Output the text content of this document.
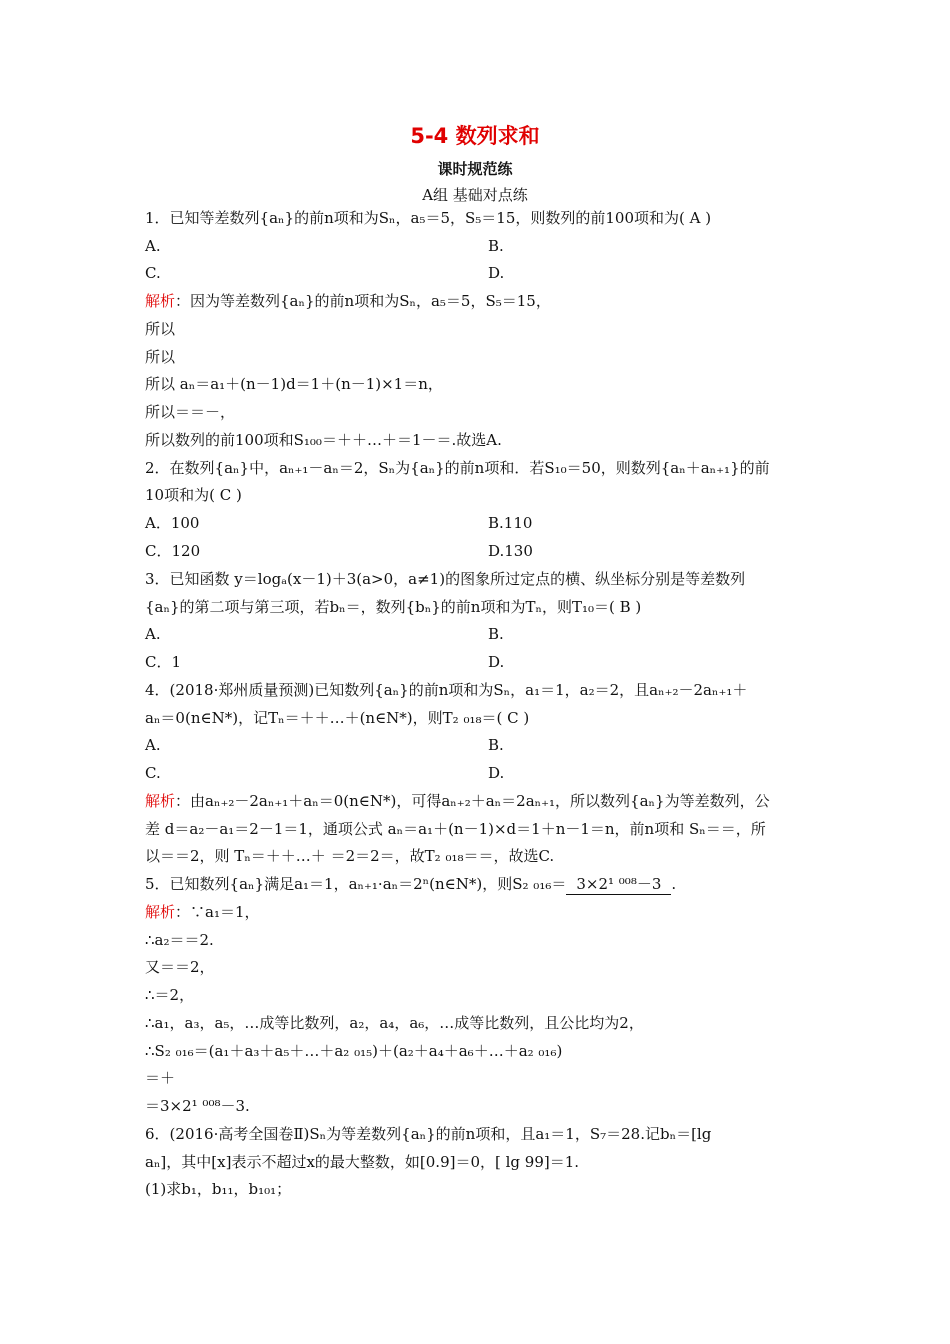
5-4 数列求和
课时规范练
A组 基础对点练
1．已知等差数列{aₙ}的前n项和为Sₙ，a₅＝5，S₅＝15，则数列的前100项和为( A )
A.	B.
C.	D.
解析：因为等差数列{aₙ}的前n项和为Sₙ，a₅＝5，S₅＝15，
所以
所以
所以 aₙ＝a₁＋(n－1)d＝1＋(n－1)×1＝n，
所以＝＝－，
所以数列的前100项和S₁₀₀＝＋＋…＋＝1－＝.故选A.
2．在数列{aₙ}中，aₙ₊₁－aₙ＝2，Sₙ为{aₙ}的前n项和．若S₁₀＝50，则数列{aₙ＋aₙ₊₁}的前
10项和为( C )
A．100	B.110
C．120	D.130
3．已知函数 y＝logₐ(x－1)＋3(a>0，a≠1)的图象所过定点的横、纵坐标分别是等差数列
{aₙ}的第二项与第三项，若bₙ＝，数列{bₙ}的前n项和为Tₙ，则T₁₀＝( B )
A.	B.
C．1	D.
4．(2018·郑州质量预测)已知数列{aₙ}的前n项和为Sₙ，a₁＝1，a₂＝2，且aₙ₊₂－2aₙ₊₁＋
aₙ＝0(n∈N*)，记Tₙ＝＋＋…＋(n∈N*)，则T₂ ₀₁₈＝( C )
A.	B.
C.	D.
解析：由aₙ₊₂－2aₙ₊₁＋aₙ＝0(n∈N*)，可得aₙ₊₂＋aₙ＝2aₙ₊₁，所以数列{aₙ}为等差数列，公
差 d＝a₂－a₁＝2－1＝1，通项公式 aₙ＝a₁＋(n－1)×d＝1＋n－1＝n，前n项和 Sₙ＝＝，所
以＝＝2，则 Tₙ＝＋＋…＋ ＝2＝2＝，故T₂ ₀₁₈＝＝，故选C.
5．已知数列{aₙ}满足a₁＝1，aₙ₊₁·aₙ＝2ⁿ(n∈N*)，则S₂ ₀₁₆＝ 3×2¹ ⁰⁰⁸－3 .
解析：∵a₁＝1，
∴a₂＝＝2.
又＝＝2，
∴＝2，
∴a₁，a₃，a₅，…成等比数列，a₂，a₄，a₆，…成等比数列，且公比均为2，
∴S₂ ₀₁₆＝(a₁＋a₃＋a₅＋…＋a₂ ₀₁₅)＋(a₂＋a₄＋a₆＋…＋a₂ ₀₁₆)
＝＋
＝3×2¹ ⁰⁰⁸－3.
6．(2016·高考全国卷Ⅱ)Sₙ为等差数列{aₙ}的前n项和，且a₁＝1，S₇＝28.记bₙ＝[lg
aₙ]，其中[x]表示不超过x的最大整数，如[0.9]＝0，[ lg 99]＝1.
(1)求b₁，b₁₁，b₁₀₁；
